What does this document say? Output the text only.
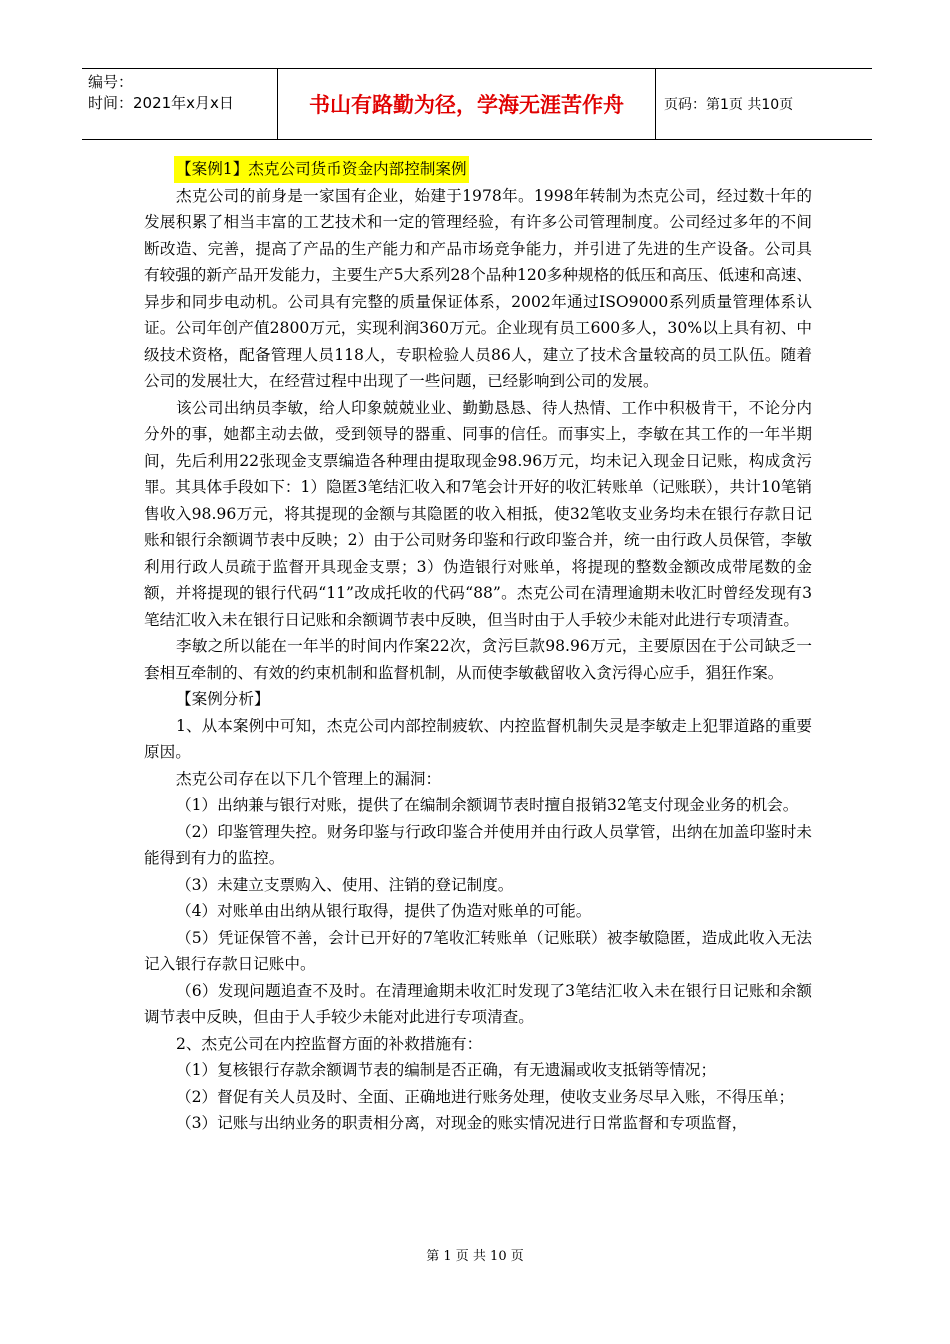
编号：
时间：2021年x月x日	书山有路勤为径，学海无涯苦作舟	页码：第1页 共10页
【案例1】杰克公司货币资金内部控制案例

杰克公司的前身是一家国有企业，始建于1978年。1998年转制为杰克公司，经过数十年的发展积累了相当丰富的工艺技术和一定的管理经验，有许多公司管理制度。公司经过多年的不间断改造、完善，提高了产品的生产能力和产品市场竞争能力，并引进了先进的生产设备。公司具有较强的新产品开发能力，主要生产5大系列28个品种120多种规格的低压和高压、低速和高速、异步和同步电动机。公司具有完整的质量保证体系，2002年通过ISO9000系列质量管理体系认证。公司年创产值2800万元，实现利润360万元。企业现有员工600多人，30%以上具有初、中级技术资格，配备管理人员118人，专职检验人员86人，建立了技术含量较高的员工队伍。随着公司的发展壮大，在经营过程中出现了一些问题，已经影响到公司的发展。

该公司出纳员李敏，给人印象兢兢业业、勤勤恳恳、待人热情、工作中积极肯干，不论分内分外的事，她都主动去做，受到领导的器重、同事的信任。而事实上，李敏在其工作的一年半期间，先后利用22张现金支票编造各种理由提取现金98.96万元，均未记入现金日记账，构成贪污罪。其具体手段如下：1）隐匿3笔结汇收入和7笔会计开好的收汇转账单（记账联），共计10笔销售收入98.96万元，将其提现的金额与其隐匿的收入相抵，使32笔收支业务均未在银行存款日记账和银行余额调节表中反映；2）由于公司财务印鉴和行政印鉴合并，统一由行政人员保管，李敏利用行政人员疏于监督开具现金支票；3）伪造银行对账单，将提现的整数金额改成带尾数的金额，并将提现的银行代码“11”改成托收的代码“88”。杰克公司在清理逾期未收汇时曾经发现有3笔结汇收入未在银行日记账和余额调节表中反映，但当时由于人手较少未能对此进行专项清查。

李敏之所以能在一年半的时间内作案22次，贪污巨款98.96万元，主要原因在于公司缺乏一套相互牵制的、有效的约束机制和监督机制，从而使李敏截留收入贪污得心应手，猖狂作案。

【案例分析】

1、从本案例中可知，杰克公司内部控制疲软、内控监督机制失灵是李敏走上犯罪道路的重要原因。

杰克公司存在以下几个管理上的漏洞：

（1）出纳兼与银行对账，提供了在编制余额调节表时擅自报销32笔支付现金业务的机会。

（2）印鉴管理失控。财务印鉴与行政印鉴合并使用并由行政人员掌管，出纳在加盖印鉴时未能得到有力的监控。

（3）未建立支票购入、使用、注销的登记制度。

（4）对账单由出纳从银行取得，提供了伪造对账单的可能。

（5）凭证保管不善，会计已开好的7笔收汇转账单（记账联）被李敏隐匿，造成此收入无法记入银行存款日记账中。

（6）发现问题追查不及时。在清理逾期未收汇时发现了3笔结汇收入未在银行日记账和余额调节表中反映，但由于人手较少未能对此进行专项清查。

2、杰克公司在内控监督方面的补救措施有：

（1）复核银行存款余额调节表的编制是否正确，有无遗漏或收支抵销等情况；

（2）督促有关人员及时、全面、正确地进行账务处理，使收支业务尽早入账，不得压单；

（3）记账与出纳业务的职责相分离，对现金的账实情况进行日常监督和专项监督，

第 1 页 共 10 页
